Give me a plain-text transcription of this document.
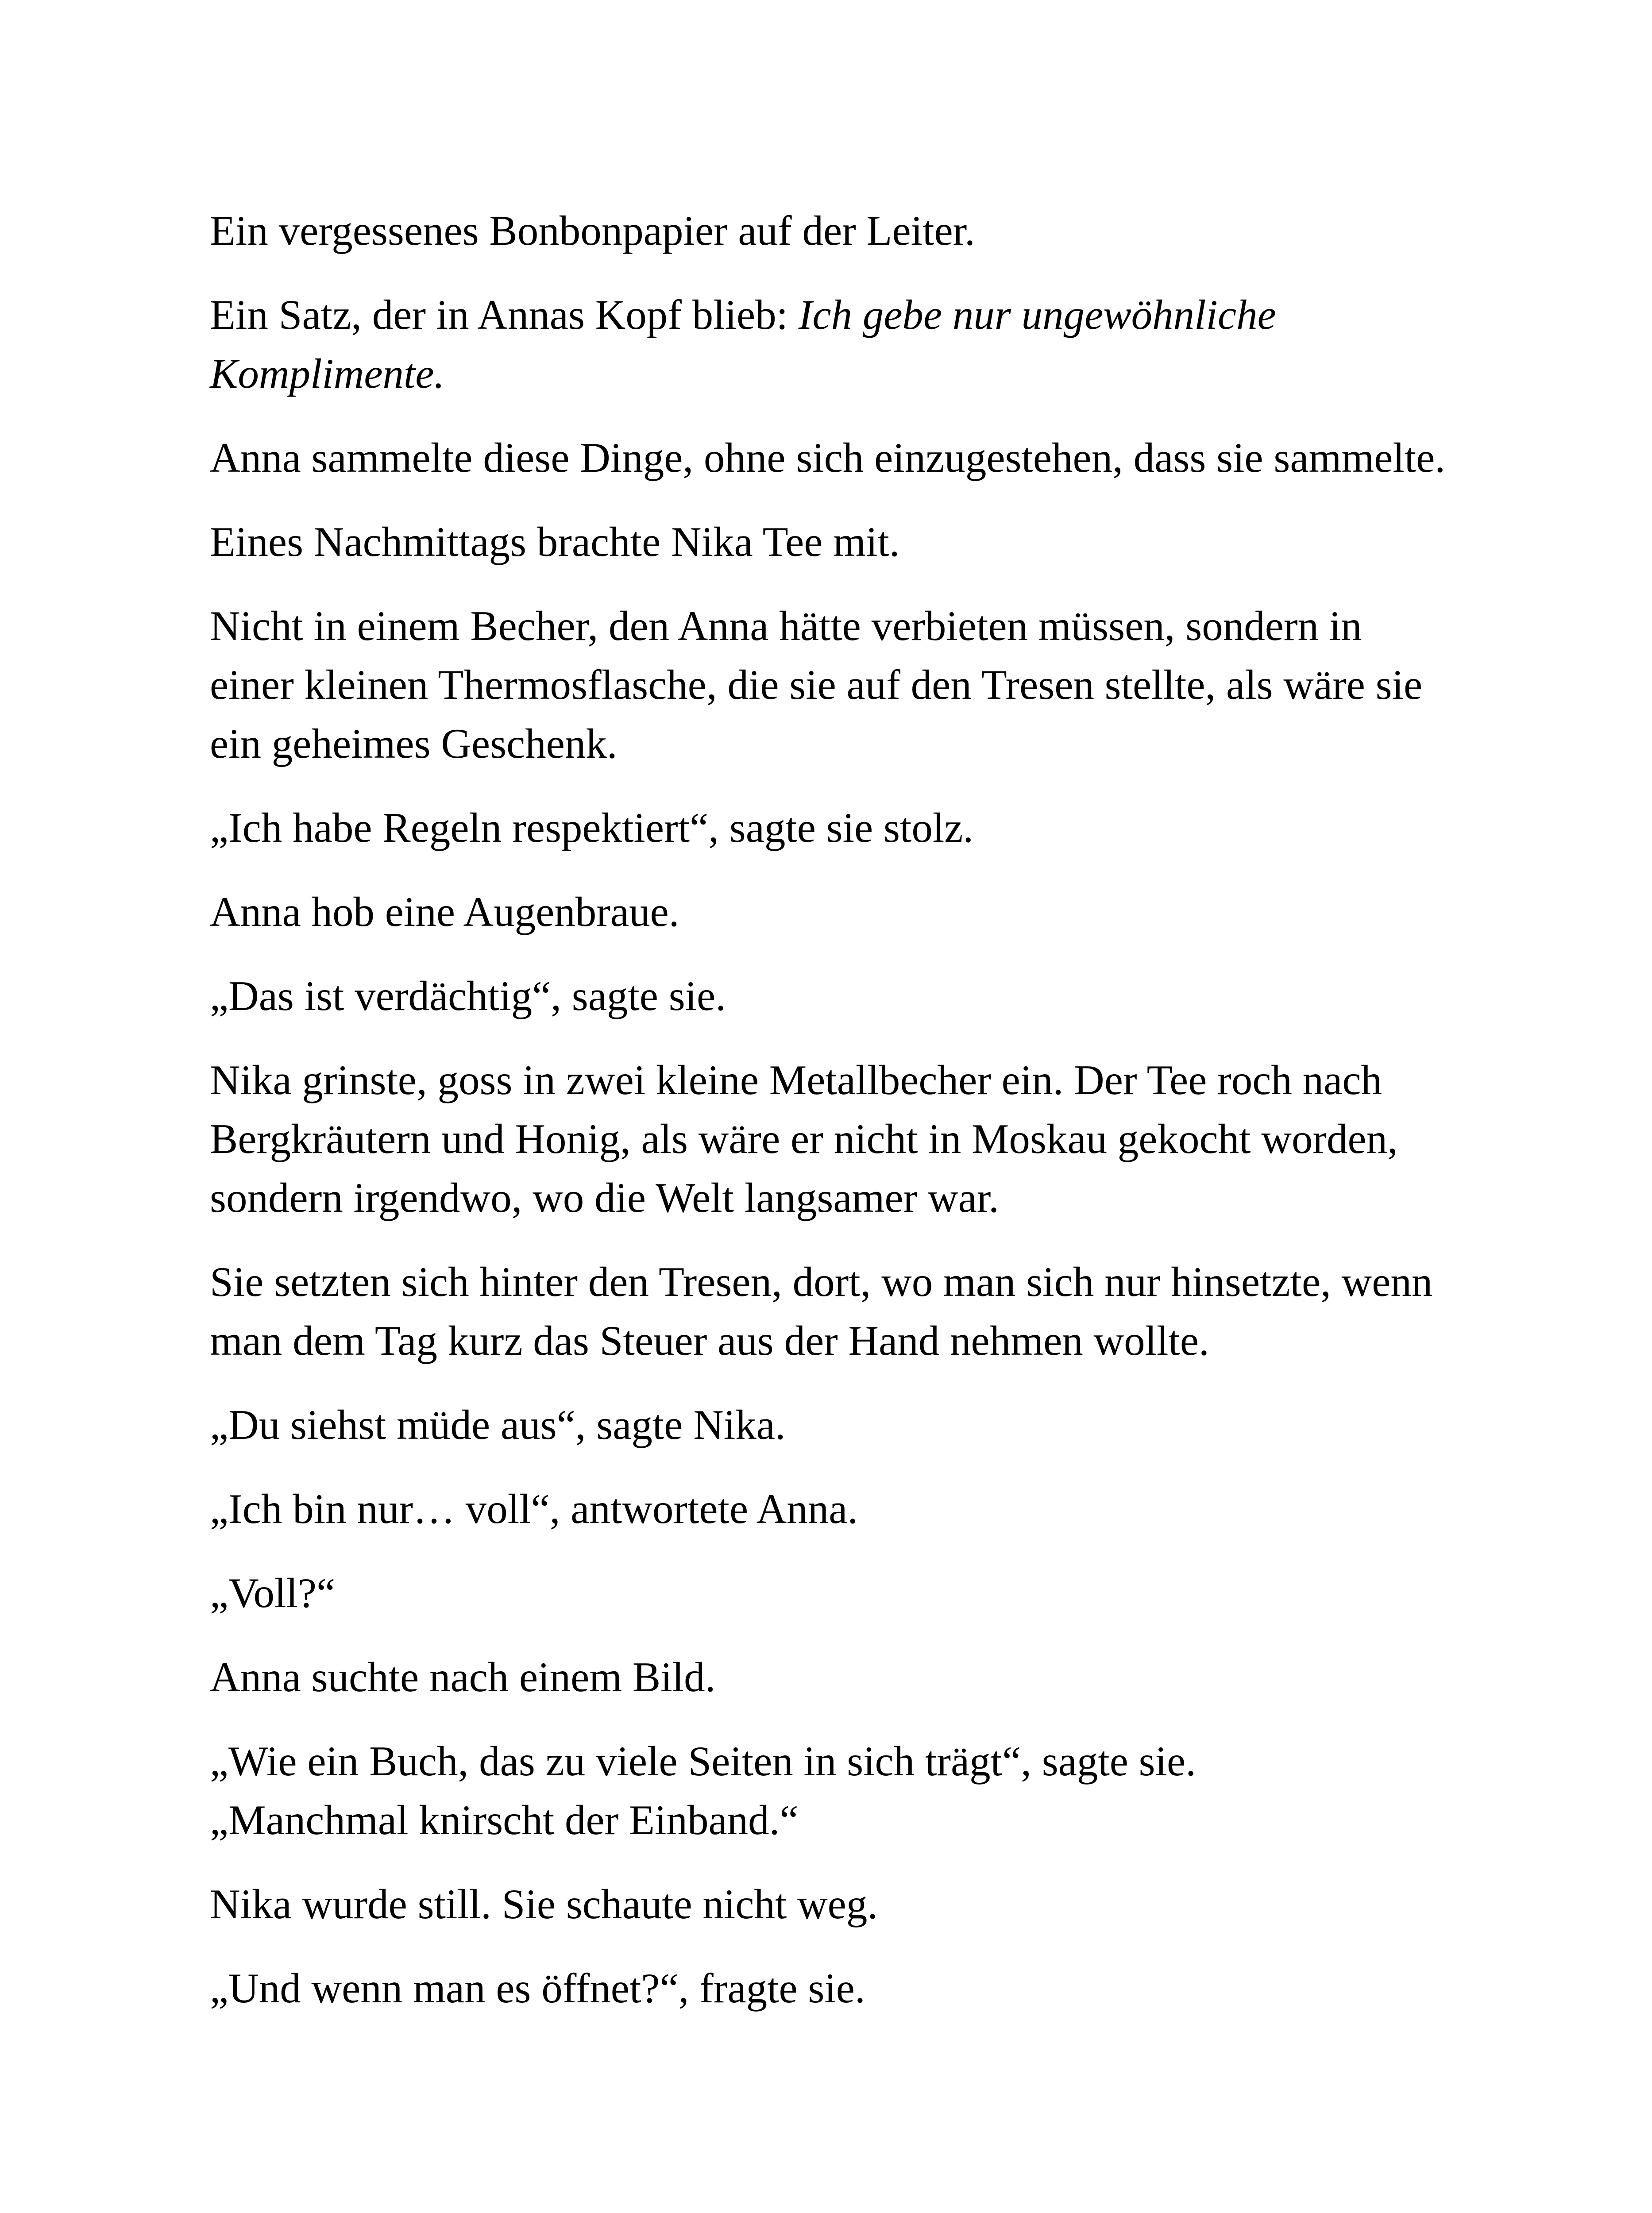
Ein vergessenes Bonbonpapier auf der Leiter.

Ein Satz, der in Annas Kopf blieb: Ich gebe nur ungewöhnliche Komplimente.

Anna sammelte diese Dinge, ohne sich einzugestehen, dass sie sammelte.

Eines Nachmittags brachte Nika Tee mit.

Nicht in einem Becher, den Anna hätte verbieten müssen, sondern in einer kleinen Thermosflasche, die sie auf den Tresen stellte, als wäre sie ein geheimes Geschenk.

„Ich habe Regeln respektiert“, sagte sie stolz.

Anna hob eine Augenbraue.

„Das ist verdächtig“, sagte sie.

Nika grinste, goss in zwei kleine Metallbecher ein. Der Tee roch nach Bergkräutern und Honig, als wäre er nicht in Moskau gekocht worden, sondern irgendwo, wo die Welt langsamer war.

Sie setzten sich hinter den Tresen, dort, wo man sich nur hinsetzte, wenn man dem Tag kurz das Steuer aus der Hand nehmen wollte.

„Du siehst müde aus“, sagte Nika.

„Ich bin nur… voll“, antwortete Anna.

„Voll?“

Anna suchte nach einem Bild.

„Wie ein Buch, das zu viele Seiten in sich trägt“, sagte sie.
„Manchmal knirscht der Einband.“

Nika wurde still. Sie schaute nicht weg.

„Und wenn man es öffnet?“, fragte sie.
